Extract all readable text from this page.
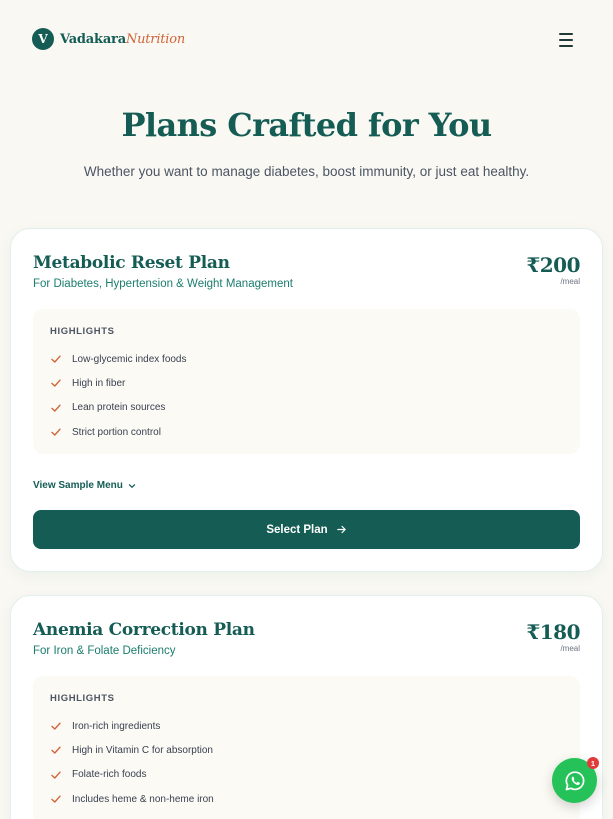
V VadakaraNutrition
Plans Crafted for You

Whether you want to manage diabetes, boost immunity, or just eat healthy.

Metabolic Reset Plan
For Diabetes, Hypertension & Weight Management
₹200
/meal
HIGHLIGHTS
Low-glycemic index foods
High in fiber
Lean protein sources
Strict portion control
View Sample Menu
Select Plan
Anemia Correction Plan
For Iron & Folate Deficiency
₹180
/meal
HIGHLIGHTS
Iron-rich ingredients
High in Vitamin C for absorption
Folate-rich foods
Includes heme & non-heme iron
1
